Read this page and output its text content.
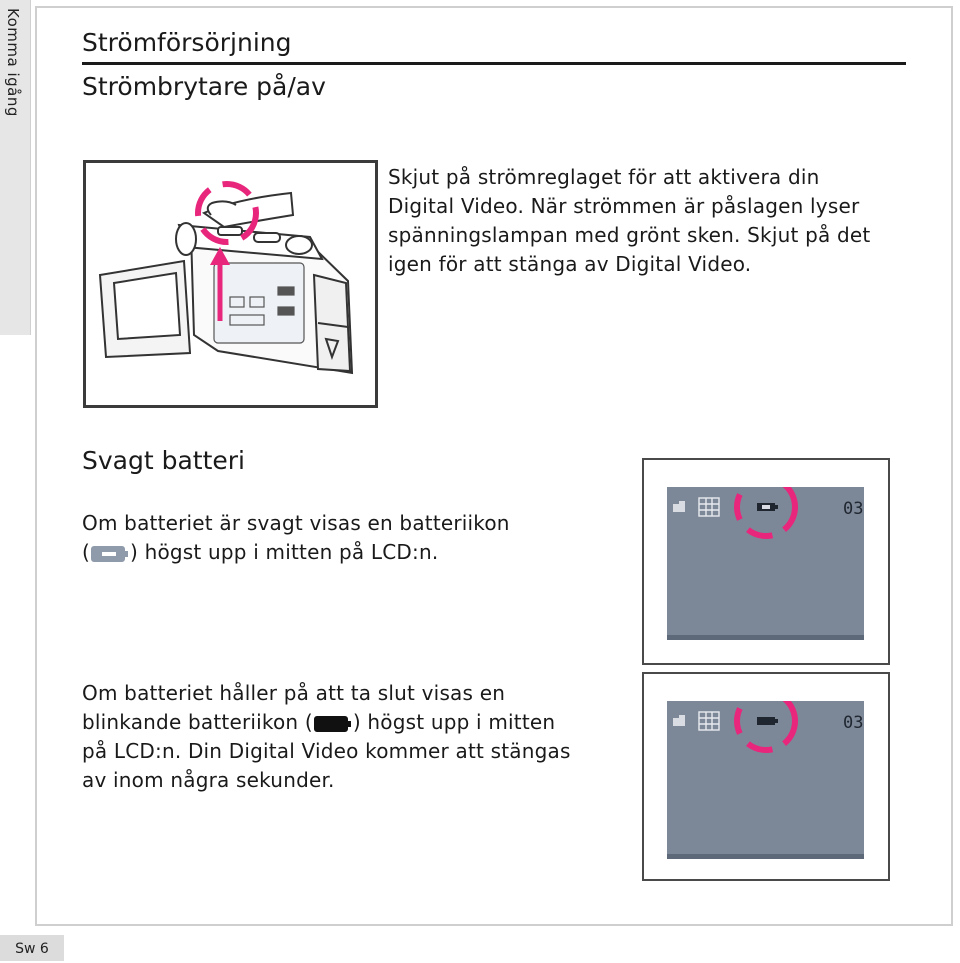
Komma igång Strömförsörjning
Strömbrytare på/av
Skjut på strömreglaget för att aktivera din
Digital Video. När strömmen är påslagen lyser
spänningslampan med grönt sken. Skjut på det
igen för att stänga av Digital Video.
Svagt batteri
Om batteriet är svagt visas en batteriikon
( ) högst upp i mitten på LCD:n.
03
Om batteriet håller på att ta slut visas en
blinkande batteriikon ( ) högst upp i mitten
på LCD:n. Din Digital Video kommer att stängas
av inom några sekunder.
03
Sw 6
